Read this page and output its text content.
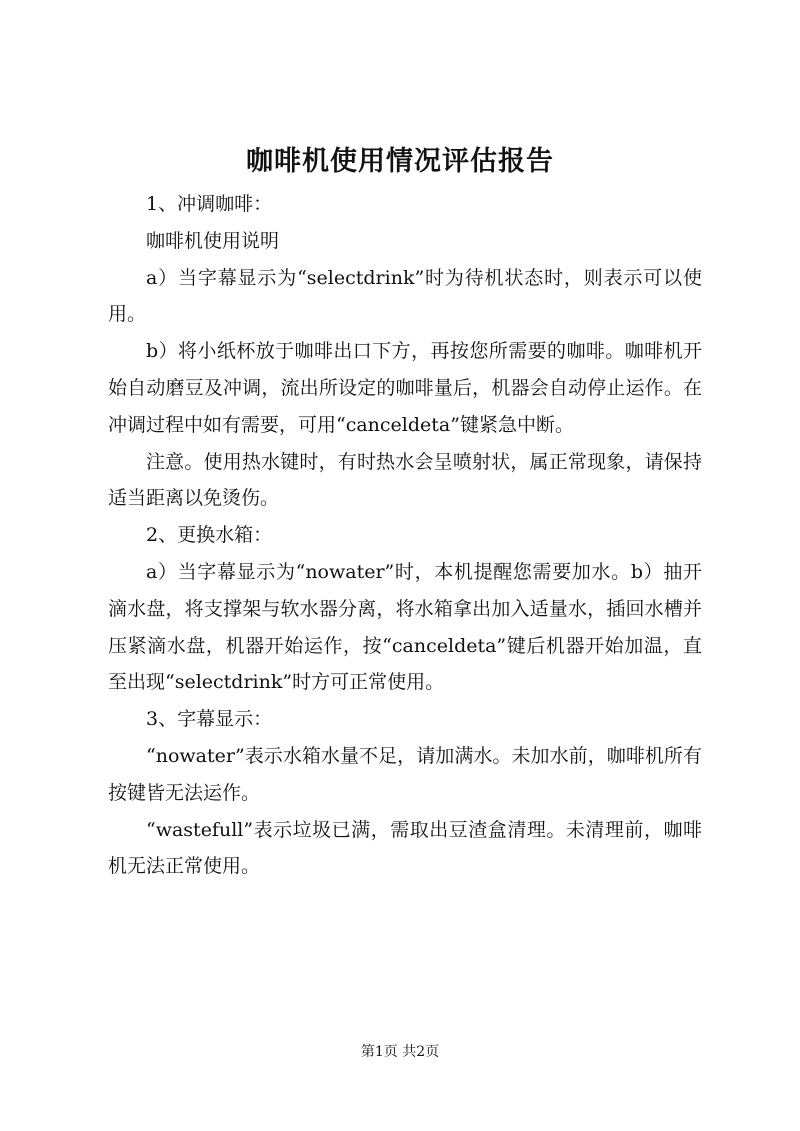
咖啡机使用情况评估报告

1、冲调咖啡：

咖啡机使用说明

a）当字幕显示为“selectdrink”时为待机状态时，则表示可以使用。

b）将小纸杯放于咖啡出口下方，再按您所需要的咖啡。咖啡机开始自动磨豆及冲调，流出所设定的咖啡量后，机器会自动停止运作。在冲调过程中如有需要，可用“canceldeta”键紧急中断。

注意。使用热水键时，有时热水会呈喷射状，属正常现象，请保持适当距离以免烫伤。

2、更换水箱：

a）当字幕显示为“nowater”时，本机提醒您需要加水。b）抽开滴水盘，将支撑架与软水器分离，将水箱拿出加入适量水，插回水槽并压紧滴水盘，机器开始运作，按“canceldeta”键后机器开始加温，直至出现“selectdrink”时方可正常使用。

3、字幕显示：

“nowater”表示水箱水量不足，请加满水。未加水前，咖啡机所有按键皆无法运作。

“wastefull”表示垃圾已满，需取出豆渣盒清理。未清理前，咖啡机无法正常使用。

第1页 共2页
